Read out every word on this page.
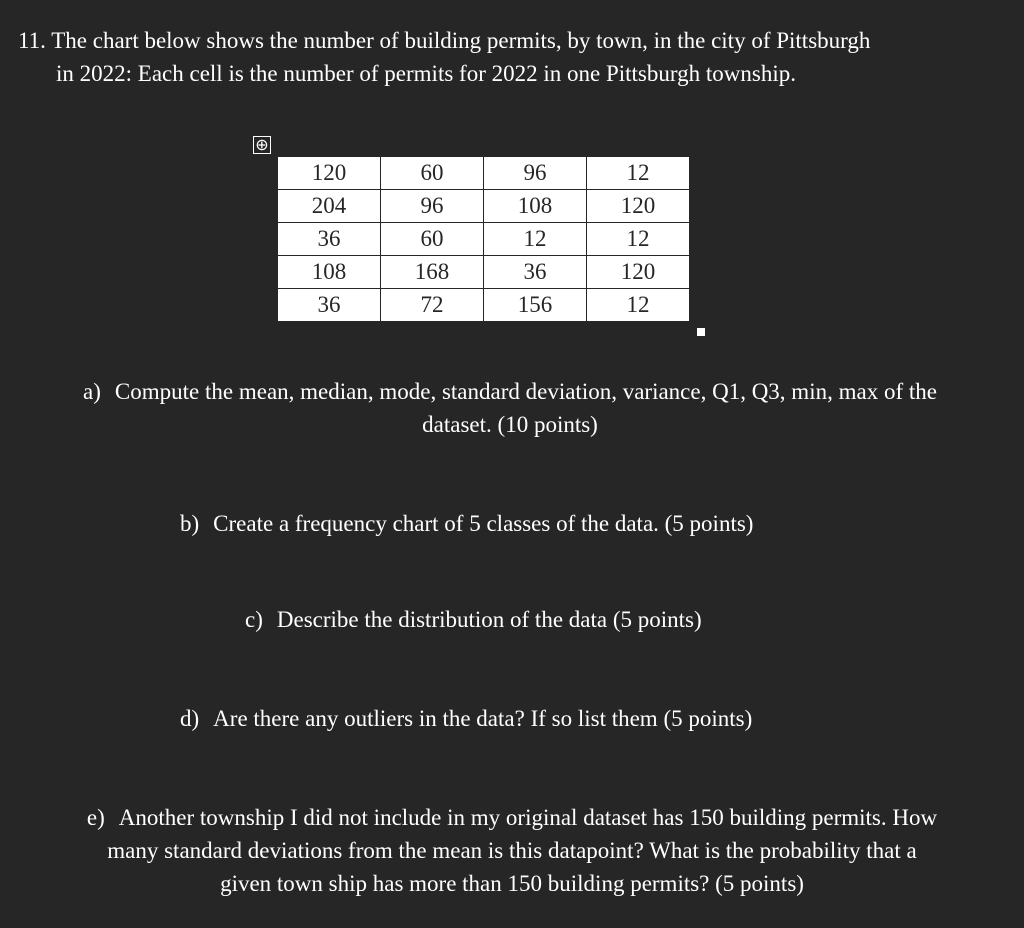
11. The chart below shows the number of building permits, by town, in the city of Pittsburgh
in 2022: Each cell is the number of permits for 2022 in one Pittsburgh township.
⊕
120	60	96	12
204	96	108	120
36	60	12	12
108	168	36	120
36	72	156	12
a) Compute the mean, median, mode, standard deviation, variance, Q1, Q3, min, max of the
dataset. (10 points)
b) Create a frequency chart of 5 classes of the data. (5 points)
c) Describe the distribution of the data (5 points)
d) Are there any outliers in the data? If so list them (5 points)
e) Another township I did not include in my original dataset has 150 building permits. How
many standard deviations from the mean is this datapoint? What is the probability that a
given town ship has more than 150 building permits? (5 points)
